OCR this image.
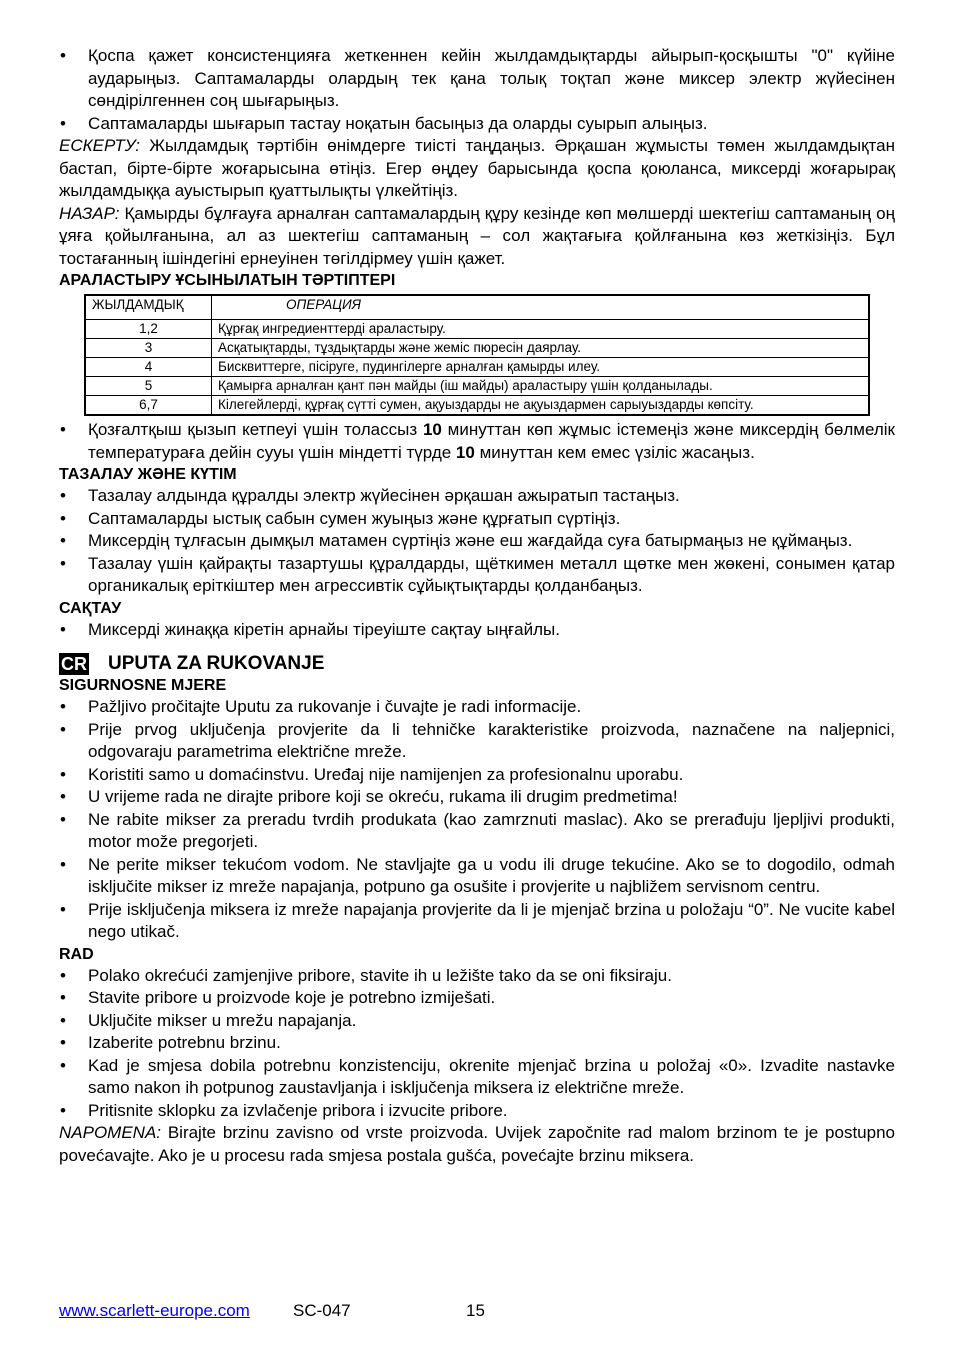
• Қоспа қажет консистенцияға жеткеннен кейін жылдамдықтарды айырып-қосқышты "0" күйіне аударыңыз. Саптамаларды олардың тек қана толық тоқтап және миксер электр жүйесінен сөндірілгеннен соң шығарыңыз.
• Саптамаларды шығарып тастау ноқатын басыңыз да оларды суырып алыңыз.

ЕСКЕРТУ: Жылдамдық тәртібін өнімдерге тиісті таңдаңыз. Әрқашан жұмысты төмен жылдамдықтан бастап, біртe-біртe жоғарысына өтіңіз. Егер өңдеу барысында қоспа қоюланса, миксерді жоғарырақ жылдамдыққа ауыстырып қуаттылықты үлкейтіңіз.

НАЗАР: Қамырды бұлғауға арналған саптамалардың құру кезінде көп мөлшерді шектегіш саптаманың оң ұяға қойылғанына, ал аз шектегіш саптаманың – сол жақтағыға қойлғанына көз жеткізіңіз. Бұл тостағанның ішіндегіні ернеуінен төгілдірмеу үшін қажет.

АРАЛАСТЫРУ ҰСЫНЫЛАТЫН ТӘРТІПТЕРІ
ЖЫЛДАМДЫҚ	ОПЕРАЦИЯ
1,2	Құрғақ ингредиенттерді араластыру.
3	Асқатықтарды, тұздықтарды және жеміс пюресін даярлау.
4	Бисквиттерге, пісіруге, пудингілерге арналған қамырды илеу.
5	Қамырға арналған қант пән майды (іш майды) араластыру үшін қолданылады.
6,7	Кілегейлерді, құрғақ сүтті сумен, ақуыздарды не ақуыздармен сарыуыздарды көпсіту.
• Қозғалтқыш қызып кетпеуі үшін толассыз 10 минуттан көп жұмыс істемеңіз және миксердің бөлмелік температураға дейін суyы үшін міндетті түрде 10 минуттан кем емес үзіліс жасаңыз.
ТАЗАЛАУ ЖӘНЕ КҮТІМ
• Тазалау алдында құралды электр жүйесінен әрқашан ажыратып тастаңыз.
• Саптамаларды ыстық сабын сумен жуыңыз және құрғатып сүртіңіз.
• Миксердің тұлғасын дымқыл матамен сүртіңіз және еш жағдайда суға батырмаңыз не құймаңыз.
• Тазалау үшін қайрақты тазартушы құралдарды, щёткимен металл щөтке мен жөкені, сонымен қатар органикалық еріткіштер мен агрессивтік сұйықтықтарды қолданбаңыз.
САҚТАУ
• Миксерді жинаққа кіретін арнайы тіреуіште сақтау ыңғайлы.
CR UPUTA ZA RUKOVANJE
SIGURNOSNE MJERE
• Pažljivo pročitajte Uputu za rukovanje i čuvajte je radi informacije.
• Prije prvog uključenja provjerite da li tehničke karakteristike proizvoda, naznačene na naljepnici, odgovaraju parametrima električne mreže.
• Koristiti samo u domaćinstvu. Uređaj nije namijenjen za profesionalnu uporabu.
• U vrijeme rada ne dirajte pribore koji se okreću, rukama ili drugim predmetima!
• Ne rabite mikser za preradu tvrdih produkata (kao zamrznuti maslac). Ako se prerađuju ljepljivi produkti, motor može pregorjeti.
• Ne perite mikser tekućom vodom. Ne stavljajte ga u vodu ili druge tekućine. Ako se to dogodilo, odmah isključite mikser iz mreže napajanja, potpuno ga osušite i provjerite u najbližem servisnom centru.
• Prije isključenja miksera iz mreže napajanja provjerite da li je mjenjač brzina u položaju “0”. Ne vucite kabel nego utikač.
RAD
• Polako okrećući zamjenjive pribore, stavite ih u ležište tako da se oni fiksiraju.
• Stavite pribore u proizvode koje je potrebno izmiješati.
• Uključite mikser u mrežu napajanja.
• Izaberite potrebnu brzinu.
• Kad je smjesa dobila potrebnu konzistenciju, okrenite mjenjač brzina u položaj «0». Izvadite nastavke samo nakon ih potpunog zaustavljanja i isključenja miksera iz električne mreže.
• Pritisnite sklopku za izvlačenje pribora i izvucite pribore.

NAPOMENA: Birajte brzinu zavisno od vrste proizvoda. Uvijek započnite rad malom brzinom te je postupno povećavajte. Ako je u procesu rada smjesa postala gušća, povećajte brzinu miksera.

www.scarlett-europe.com	SC-047	15
